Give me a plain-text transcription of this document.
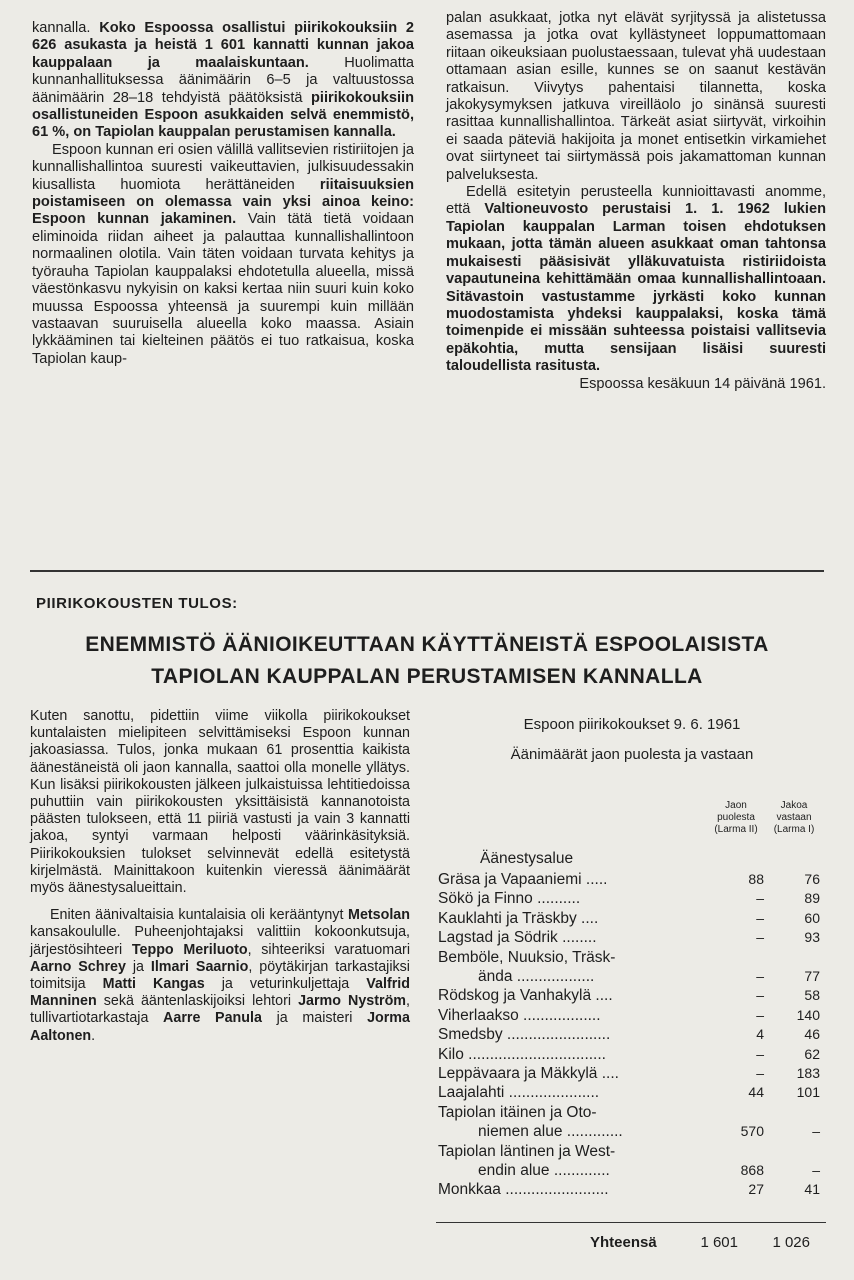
kannalla. Koko Espoossa osallistui piirikokouksiin 2 626 asukasta ja heistä 1 601 kannatti kunnan jakoa kauppalaan ja maalaiskuntaan. Huolimatta kunnanhallituksessa äänimäärin 6–5 ja valtuustossa äänimäärin 28–18 tehdyistä päätöksistä piirikokouksiin osallistuneiden Espoon asukkaiden selvä enemmistö, 61 %, on Tapiolan kauppalan perustamisen kannalla.

Espoon kunnan eri osien välillä vallitsevien ristiriitojen ja kunnallishallintoa suuresti vaikeuttavien, julkisuudessakin kiusallista huomiota herättäneiden riitaisuuksien poistamiseen on olemassa vain yksi ainoa keino: Espoon kunnan jakaminen. Vain tätä tietä voidaan eliminoida riidan aiheet ja palauttaa kunnallishallintoon normaalinen olotila. Vain täten voidaan turvata kehitys ja työrauha Tapiolan kauppalaksi ehdotetulla alueella, missä väestönkasvu nykyisin on kaksi kertaa niin suuri kuin koko muussa Espoossa yhteensä ja suurempi kuin millään vastaavan suuruisella alueella koko maassa. Asiain lykkääminen tai kielteinen päätös ei tuo ratkaisua, koska Tapiolan kaup-

palan asukkaat, jotka nyt elävät syrjityssä ja alistetussa asemassa ja jotka ovat kyllästyneet loppumattomaan riitaan oikeuksiaan puolustaessaan, tulevat yhä uudestaan ottamaan asian esille, kunnes se on saanut kestävän ratkaisun. Viivytys pahentaisi tilannetta, koska jakokysymyksen jatkuva vireilläolo jo sinänsä suuresti rasittaa kunnallishallintoa. Tärkeät asiat siirtyvät, virkoihin ei saada päteviä hakijoita ja monet entisetkin virkamiehet ovat siirtyneet tai siirtymässä pois jakamattoman kunnan palveluksesta.

Edellä esitetyin perusteella kunnioittavasti anomme, että Valtioneuvosto perustaisi 1. 1. 1962 lukien Tapiolan kauppalan Larman toisen ehdotuksen mukaan, jotta tämän alueen asukkaat oman tahtonsa mukaisesti pääsisivät ylläkuvatuista ristiriidoista vapautuneina kehittämään omaa kunnallishallintoaan. Sitävastoin vastustamme jyrkästi koko kunnan muodostamista yhdeksi kauppalaksi, koska tämä toimenpide ei missään suhteessa poistaisi vallitsevia epäkohtia, mutta sensijaan lisäisi suuresti taloudellista rasitusta.

Espoossa kesäkuun 14 päivänä 1961.

PIIRIKOKOUSTEN TULOS:
ENEMMISTÖ ÄÄNIOIKEUTTAAN KÄYTTÄNEISTÄ ESPOOLAISISTA
TAPIOLAN KAUPPALAN PERUSTAMISEN KANNALLA

Kuten sanottu, pidettiin viime viikolla piirikokoukset kuntalaisten mielipiteen selvittämiseksi Espoon kunnan jakoasiassa. Tulos, jonka mukaan 61 prosenttia kaikista äänestäneistä oli jaon kannalla, saattoi olla monelle yllätys. Kun lisäksi piirikokousten jälkeen julkaistuissa lehtitiedoissa puhuttiin vain piirikokousten yksittäisistä kannanotoista päästen tulokseen, että 11 piiriä vastusti ja vain 3 kannatti jakoa, syntyi varmaan helposti väärinkäsityksiä. Piirikokouksien tulokset selvinnevät edellä esitetystä kirjelmästä. Mainittakoon kuitenkin vieressä äänimäärät myös äänestysalueittain.

Eniten äänivaltaisia kuntalaisia oli kerääntynyt Metsolan kansakoululle. Puheenjohtajaksi valittiin kokoonkutsuja, järjestösihteeri Teppo Meriluoto, sihteeriksi varatuomari Aarno Schrey ja Ilmari Saarnio, pöytäkirjan tarkastajiksi toimitsija Matti Kangas ja veturinkuljettaja Valfrid Manninen sekä ääntenlaskijoiksi lehtori Jarmo Nyström, tullivartiotarkastaja Aarre Panula ja maisteri Jorma Aaltonen.

Espoon piirikokoukset 9. 6. 1961
Äänimäärät jaon puolesta ja vastaan
Jaon puolesta (Larma II)
Jakoa vastaan (Larma I)
Äänestysalue
Gräsa ja Vapaaniemi .....	88	76
Sökö ja Finno ..........	–	89
Kauklahti ja Träskby ....	–	60
Lagstad ja Södrik ........	–	93
Bemböle, Nuuksio, Träsk-
ända ..................	–	77
Rödskog ja Vanhakylä ....	–	58
Viherlaakso ..................	–	140
Smedsby ........................	4	46
Kilo ................................	–	62
Leppävaara ja Mäkkylä ....	–	183
Laajalahti .....................	44	101
Tapiolan itäinen ja Oto-
niemen alue .............	570	–
Tapiolan läntinen ja West-
endin alue .............	868	–
Monkkaa ........................	27	41
Yhteensä	1 601	1 026
